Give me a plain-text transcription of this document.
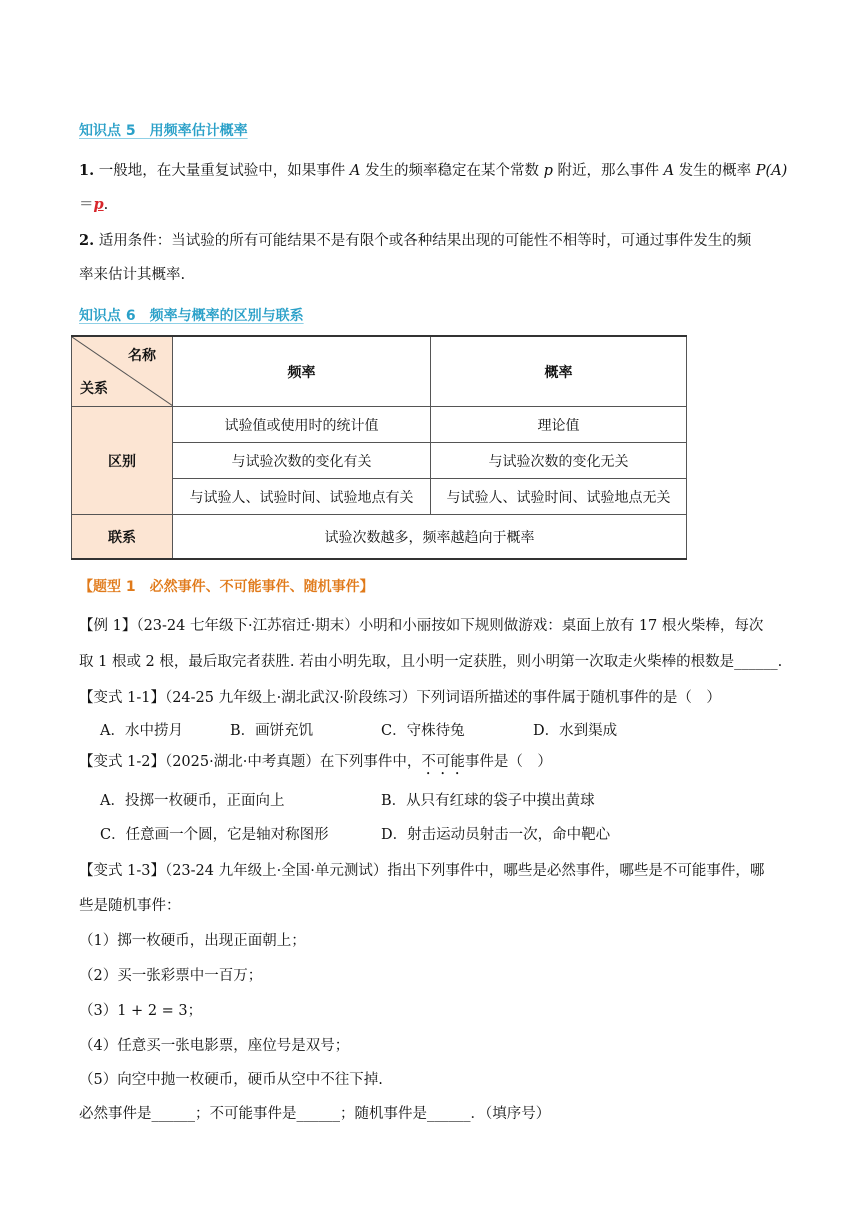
知识点 5　用频率估计概率
1. 一般地，在大量重复试验中，如果事件 A 发生的频率稳定在某个常数 p 附近，那么事件 A 发生的概率 P(A)
＝p.
2. 适用条件：当试验的所有可能结果不是有限个或各种结果出现的可能性不相等时，可通过事件发生的频
率来估计其概率.
知识点 6　频率与概率的区别与联系
名称
关系	频率	概率
区别	试验值或使用时的统计值	理论值
	与试验次数的变化有关	与试验次数的变化无关
	与试验人、试验时间、试验地点有关	与试验人、试验时间、试验地点无关
联系	试验次数越多，频率越趋向于概率	
【题型 1　必然事件、不可能事件、随机事件】
【例 1】（23-24 七年级下·江苏宿迁·期末）小明和小丽按如下规则做游戏：桌面上放有 17 根火柴棒，每次
取 1 根或 2 根，最后取完者获胜. 若由小明先取，且小明一定获胜，则小明第一次取走火柴棒的根数是______.
【变式 1-1】（24-25 九年级上·湖北武汉·阶段练习）下列词语所描述的事件属于随机事件的是（　）
A．水中捞月	B．画饼充饥	C．守株待兔	D．水到渠成
【变式 1-2】（2025·湖北·中考真题）在下列事件中，不可能事件是（　）
A．投掷一枚硬币，正面向上	B．从只有红球的袋子中摸出黄球
C．任意画一个圆，它是轴对称图形	D．射击运动员射击一次，命中靶心
【变式 1-3】（23-24 九年级上·全国·单元测试）指出下列事件中，哪些是必然事件，哪些是不可能事件，哪
些是随机事件：
（1）掷一枚硬币，出现正面朝上；
（2）买一张彩票中一百万；
（3）1 + 2 = 3；
（4）任意买一张电影票，座位号是双号；
（5）向空中抛一枚硬币，硬币从空中不往下掉.
必然事件是______；不可能事件是______；随机事件是______．（填序号）
